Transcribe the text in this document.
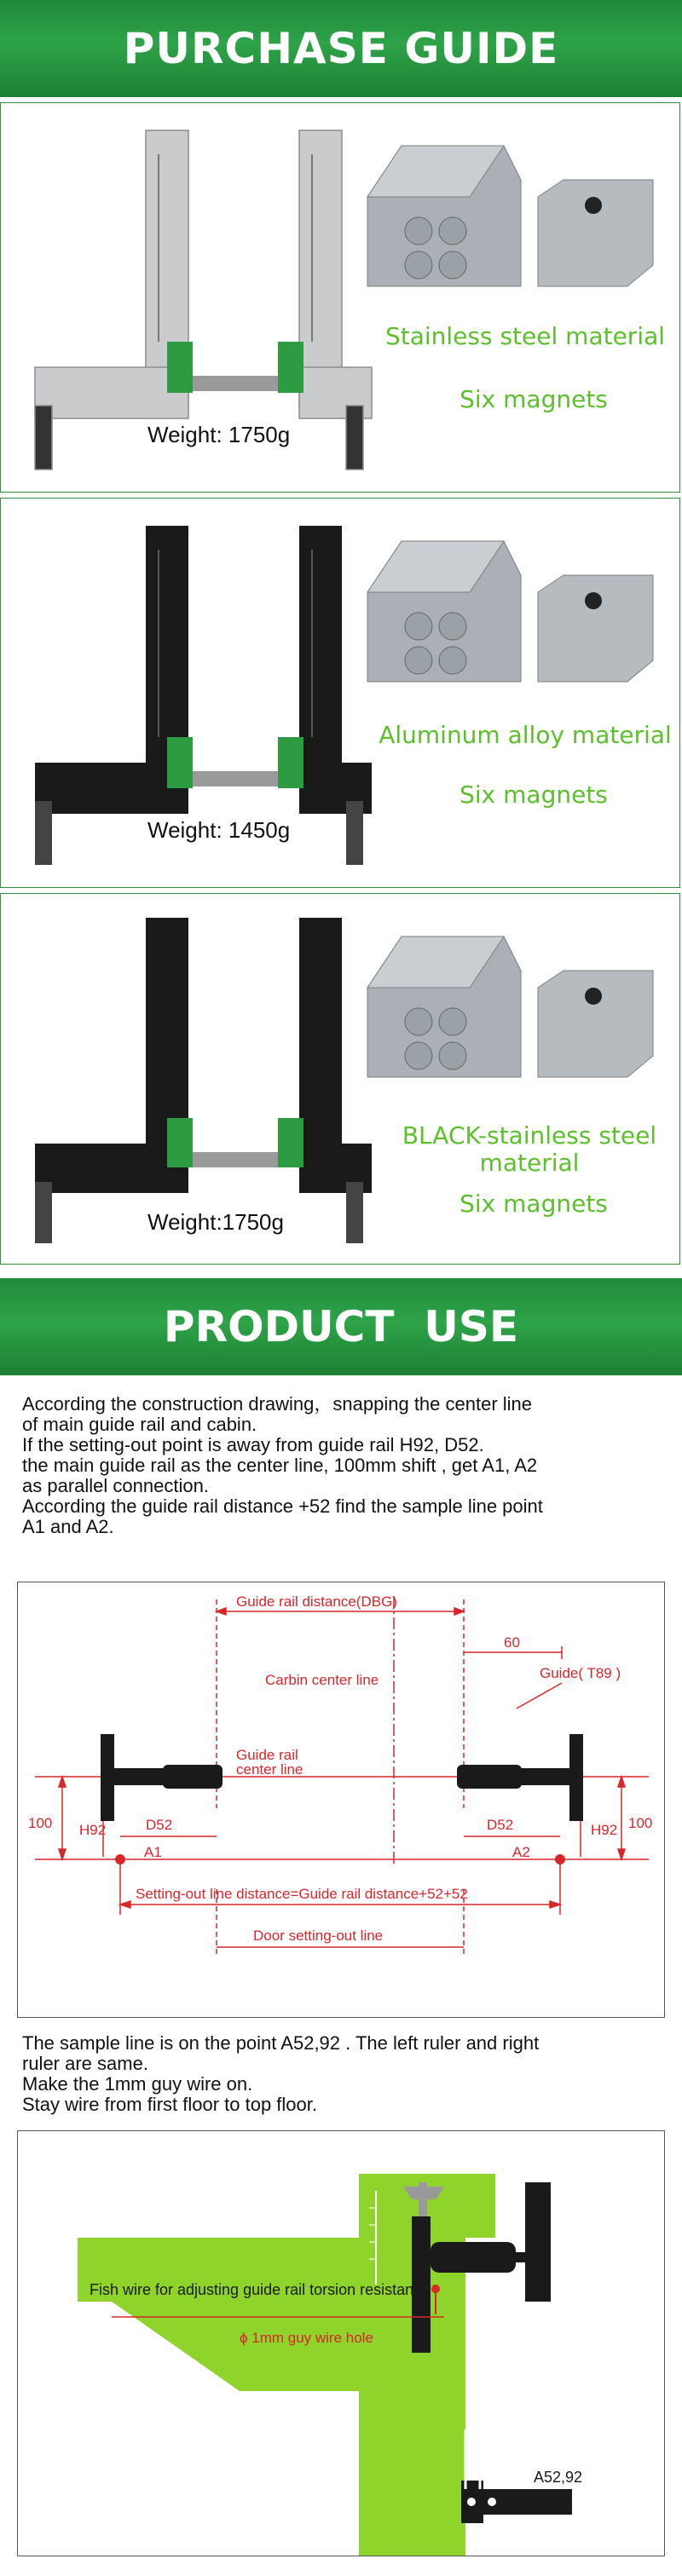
PURCHASE GUIDE
Weight: 1750g
Stainless steel material
Six magnets
Weight: 1450g
Aluminum alloy material
Six magnets
Weight:1750g
BLACK-stainless steel material
Six magnets
PRODUCT  USE
According the construction drawing，snapping the center line
of main guide rail and cabin.
If the setting-out point is away from guide rail H92, D52.
the main guide rail as the center line, 100mm shift , get A1, A2
as parallel connection.
According the guide rail distance +52 find the sample line point
A1 and A2.
Guide rail distance(DBG)
Carbin center line
Guide rail
center line
Guide( T89 )
60
100 H92	100
H92
D52	D52
A1	A2
Setting-out line distance=Guide rail distance+52+52
Door setting-out line
The sample line is on the point A52,92 . The left ruler and right
ruler are same.
Make the 1mm guy wire on.
Stay wire from first floor to top floor.
Fish wire for adjusting guide rail torsion resistance
ϕ 1mm guy wire hole
A52,92
